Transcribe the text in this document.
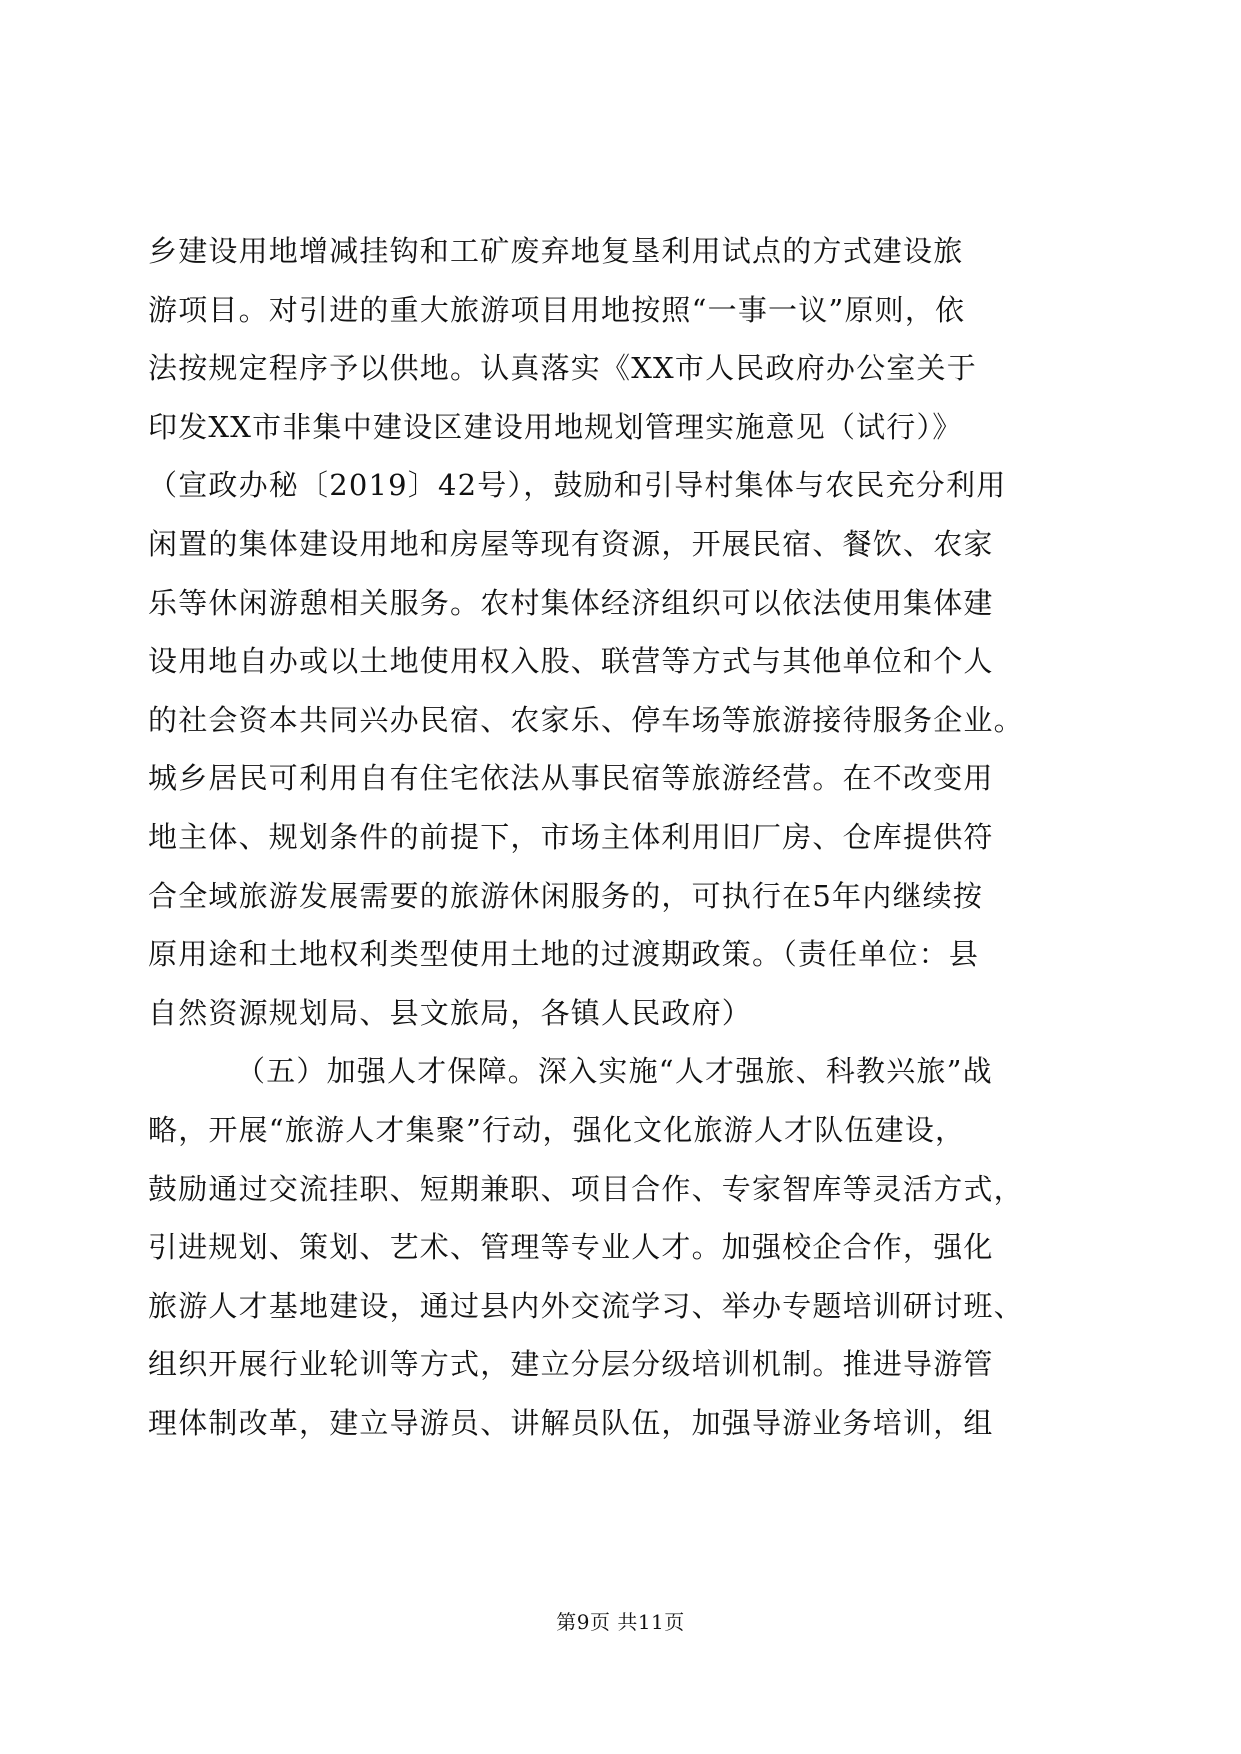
乡建设用地增减挂钩和工矿废弃地复垦利用试点的方式建设旅
游项目。对引进的重大旅游项目用地按照“一事一议”原则，依
法按规定程序予以供地。认真落实《XX市人民政府办公室关于
印发XX市非集中建设区建设用地规划管理实施意见（试行）》
（宣政办秘〔2019〕42号），鼓励和引导村集体与农民充分利用
闲置的集体建设用地和房屋等现有资源，开展民宿、餐饮、农家
乐等休闲游憩相关服务。农村集体经济组织可以依法使用集体建
设用地自办或以土地使用权入股、联营等方式与其他单位和个人
的社会资本共同兴办民宿、农家乐、停车场等旅游接待服务企业。
城乡居民可利用自有住宅依法从事民宿等旅游经营。在不改变用
地主体、规划条件的前提下，市场主体利用旧厂房、仓库提供符
合全域旅游发展需要的旅游休闲服务的，可执行在5年内继续按
原用途和土地权利类型使用土地的过渡期政策。（责任单位：县
自然资源规划局、县文旅局，各镇人民政府）
（五）加强人才保障。深入实施“人才强旅、科教兴旅”战
略，开展“旅游人才集聚”行动，强化文化旅游人才队伍建设，
鼓励通过交流挂职、短期兼职、项目合作、专家智库等灵活方式，
引进规划、策划、艺术、管理等专业人才。加强校企合作，强化
旅游人才基地建设，通过县内外交流学习、举办专题培训研讨班、
组织开展行业轮训等方式，建立分层分级培训机制。推进导游管
理体制改革，建立导游员、讲解员队伍，加强导游业务培训，组
第9页 共11页
